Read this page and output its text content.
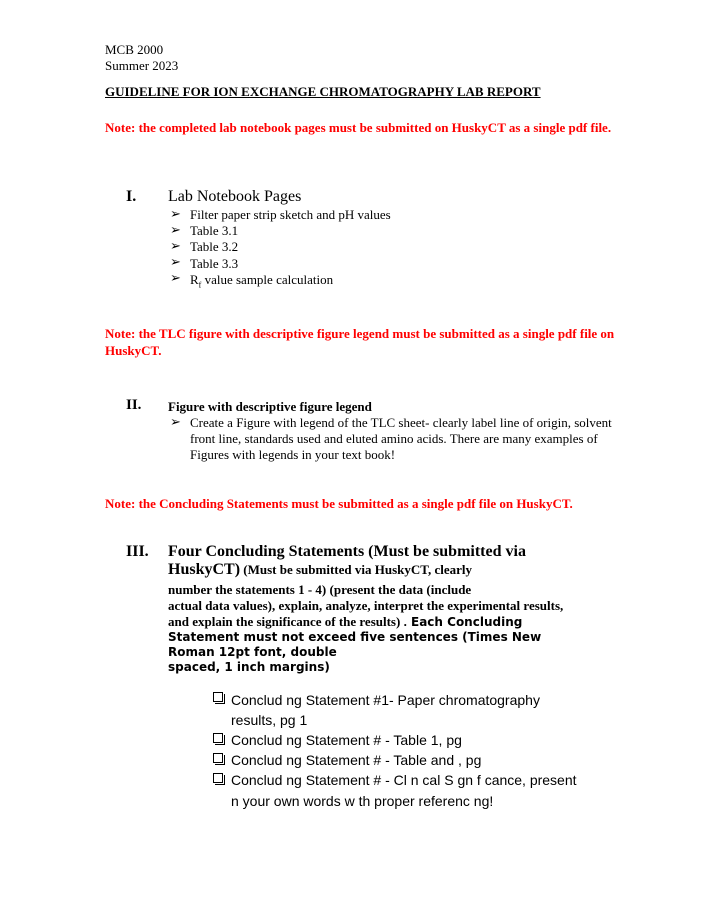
MCB 2000
Summer 2023
GUIDELINE FOR ION EXCHANGE CHROMATOGRAPHY LAB REPORT
Note: the completed lab notebook pages must be submitted on HuskyCT as a single pdf file.
I. Lab Notebook Pages
➢ Filter paper strip sketch and pH values
➢ Table 3.1
➢ Table 3.2
➢ Table 3.3
➢ $R_f$ value sample calculation
Note: the TLC figure with descriptive figure legend must be submitted as a single pdf file on HuskyCT.
II. Figure with descriptive figure legend
➢ Create a Figure with legend of the TLC sheet- clearly label line of origin, solvent front line, standards used and eluted amino acids. There are many examples of Figures with legends in your text book!
Note: the Concluding Statements must be submitted as a single pdf file on HuskyCT.
III. Four Concluding Statements (Must be submitted via
HuskyCT) (Must be submitted via HuskyCT, clearly
number the statements 1 - 4) (present the data (include
actual data values), explain, analyze, interpret the experimental results,
and explain the significance of the results) . Each Concluding
Statement must not exceed five sentences (Times New
Roman 12pt font, double
spaced, 1 inch margins)
Conclud ng Statement #1- Paper chromatography
results, pg 1
Conclud ng Statement # - Table 1, pg
Conclud ng Statement # - Table and , pg
Conclud ng Statement # - Cl n cal S gn f cance, present
n your own words w th proper referenc ng!
